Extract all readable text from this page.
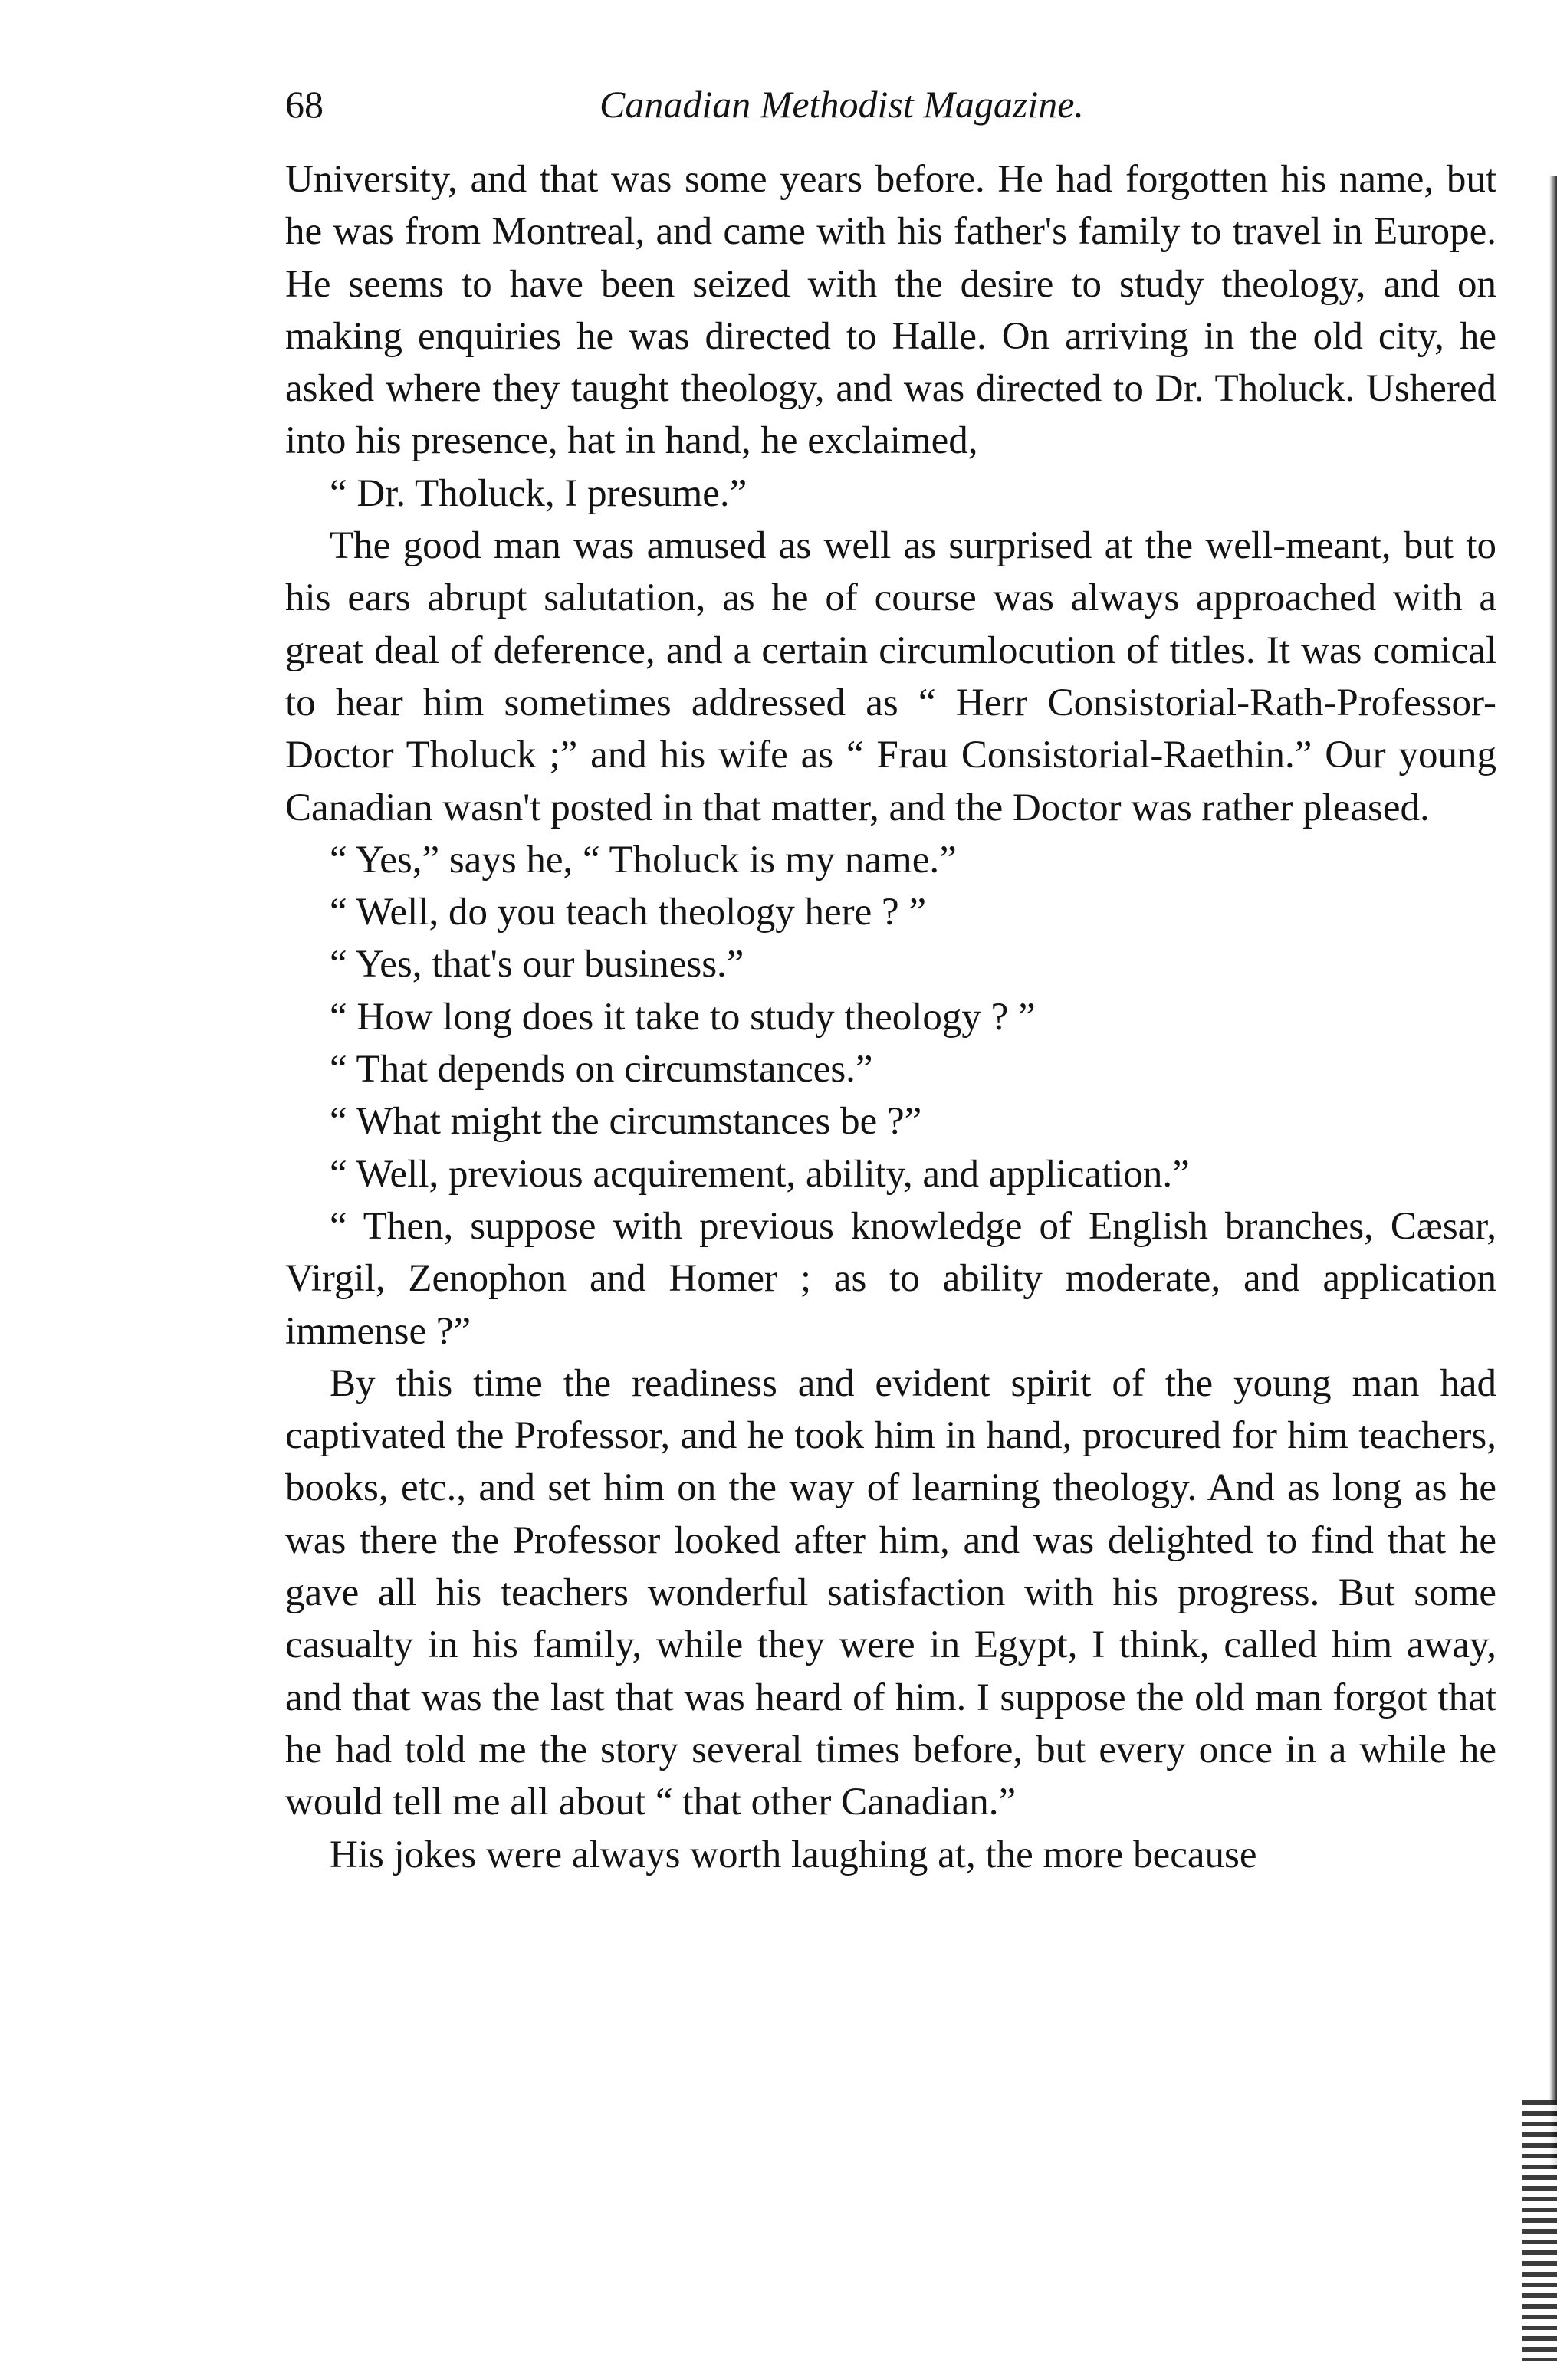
68	Canadian Methodist Magazine.

University, and that was some years before. He had forgotten his name, but he was from Montreal, and came with his father's family to travel in Europe. He seems to have been seized with the desire to study theology, and on making enquiries he was directed to Halle. On arriving in the old city, he asked where they taught theology, and was directed to Dr. Tholuck. Ushered into his presence, hat in hand, he exclaimed,

“ Dr. Tholuck, I presume.”

The good man was amused as well as surprised at the well-meant, but to his ears abrupt salutation, as he of course was always approached with a great deal of deference, and a certain circumlocution of titles. It was comical to hear him sometimes addressed as “ Herr Consistorial-Rath-Professor-Doctor Tholuck ;” and his wife as “ Frau Consistorial-Raethin.” Our young Canadian wasn't posted in that matter, and the Doctor was rather pleased.

“ Yes,” says he, “ Tholuck is my name.”

“ Well, do you teach theology here ? ”

“ Yes, that's our business.”

“ How long does it take to study theology ? ”

“ That depends on circumstances.”

“ What might the circumstances be ?”

“ Well, previous acquirement, ability, and application.”

“ Then, suppose with previous knowledge of English branches, Cæsar, Virgil, Zenophon and Homer ; as to ability moderate, and application immense ?”

By this time the readiness and evident spirit of the young man had captivated the Professor, and he took him in hand, procured for him teachers, books, etc., and set him on the way of learning theology. And as long as he was there the Professor looked after him, and was delighted to find that he gave all his teachers wonderful satisfaction with his progress. But some casualty in his family, while they were in Egypt, I think, called him away, and that was the last that was heard of him. I suppose the old man forgot that he had told me the story several times before, but every once in a while he would tell me all about “ that other Canadian.”

His jokes were always worth laughing at, the more because
